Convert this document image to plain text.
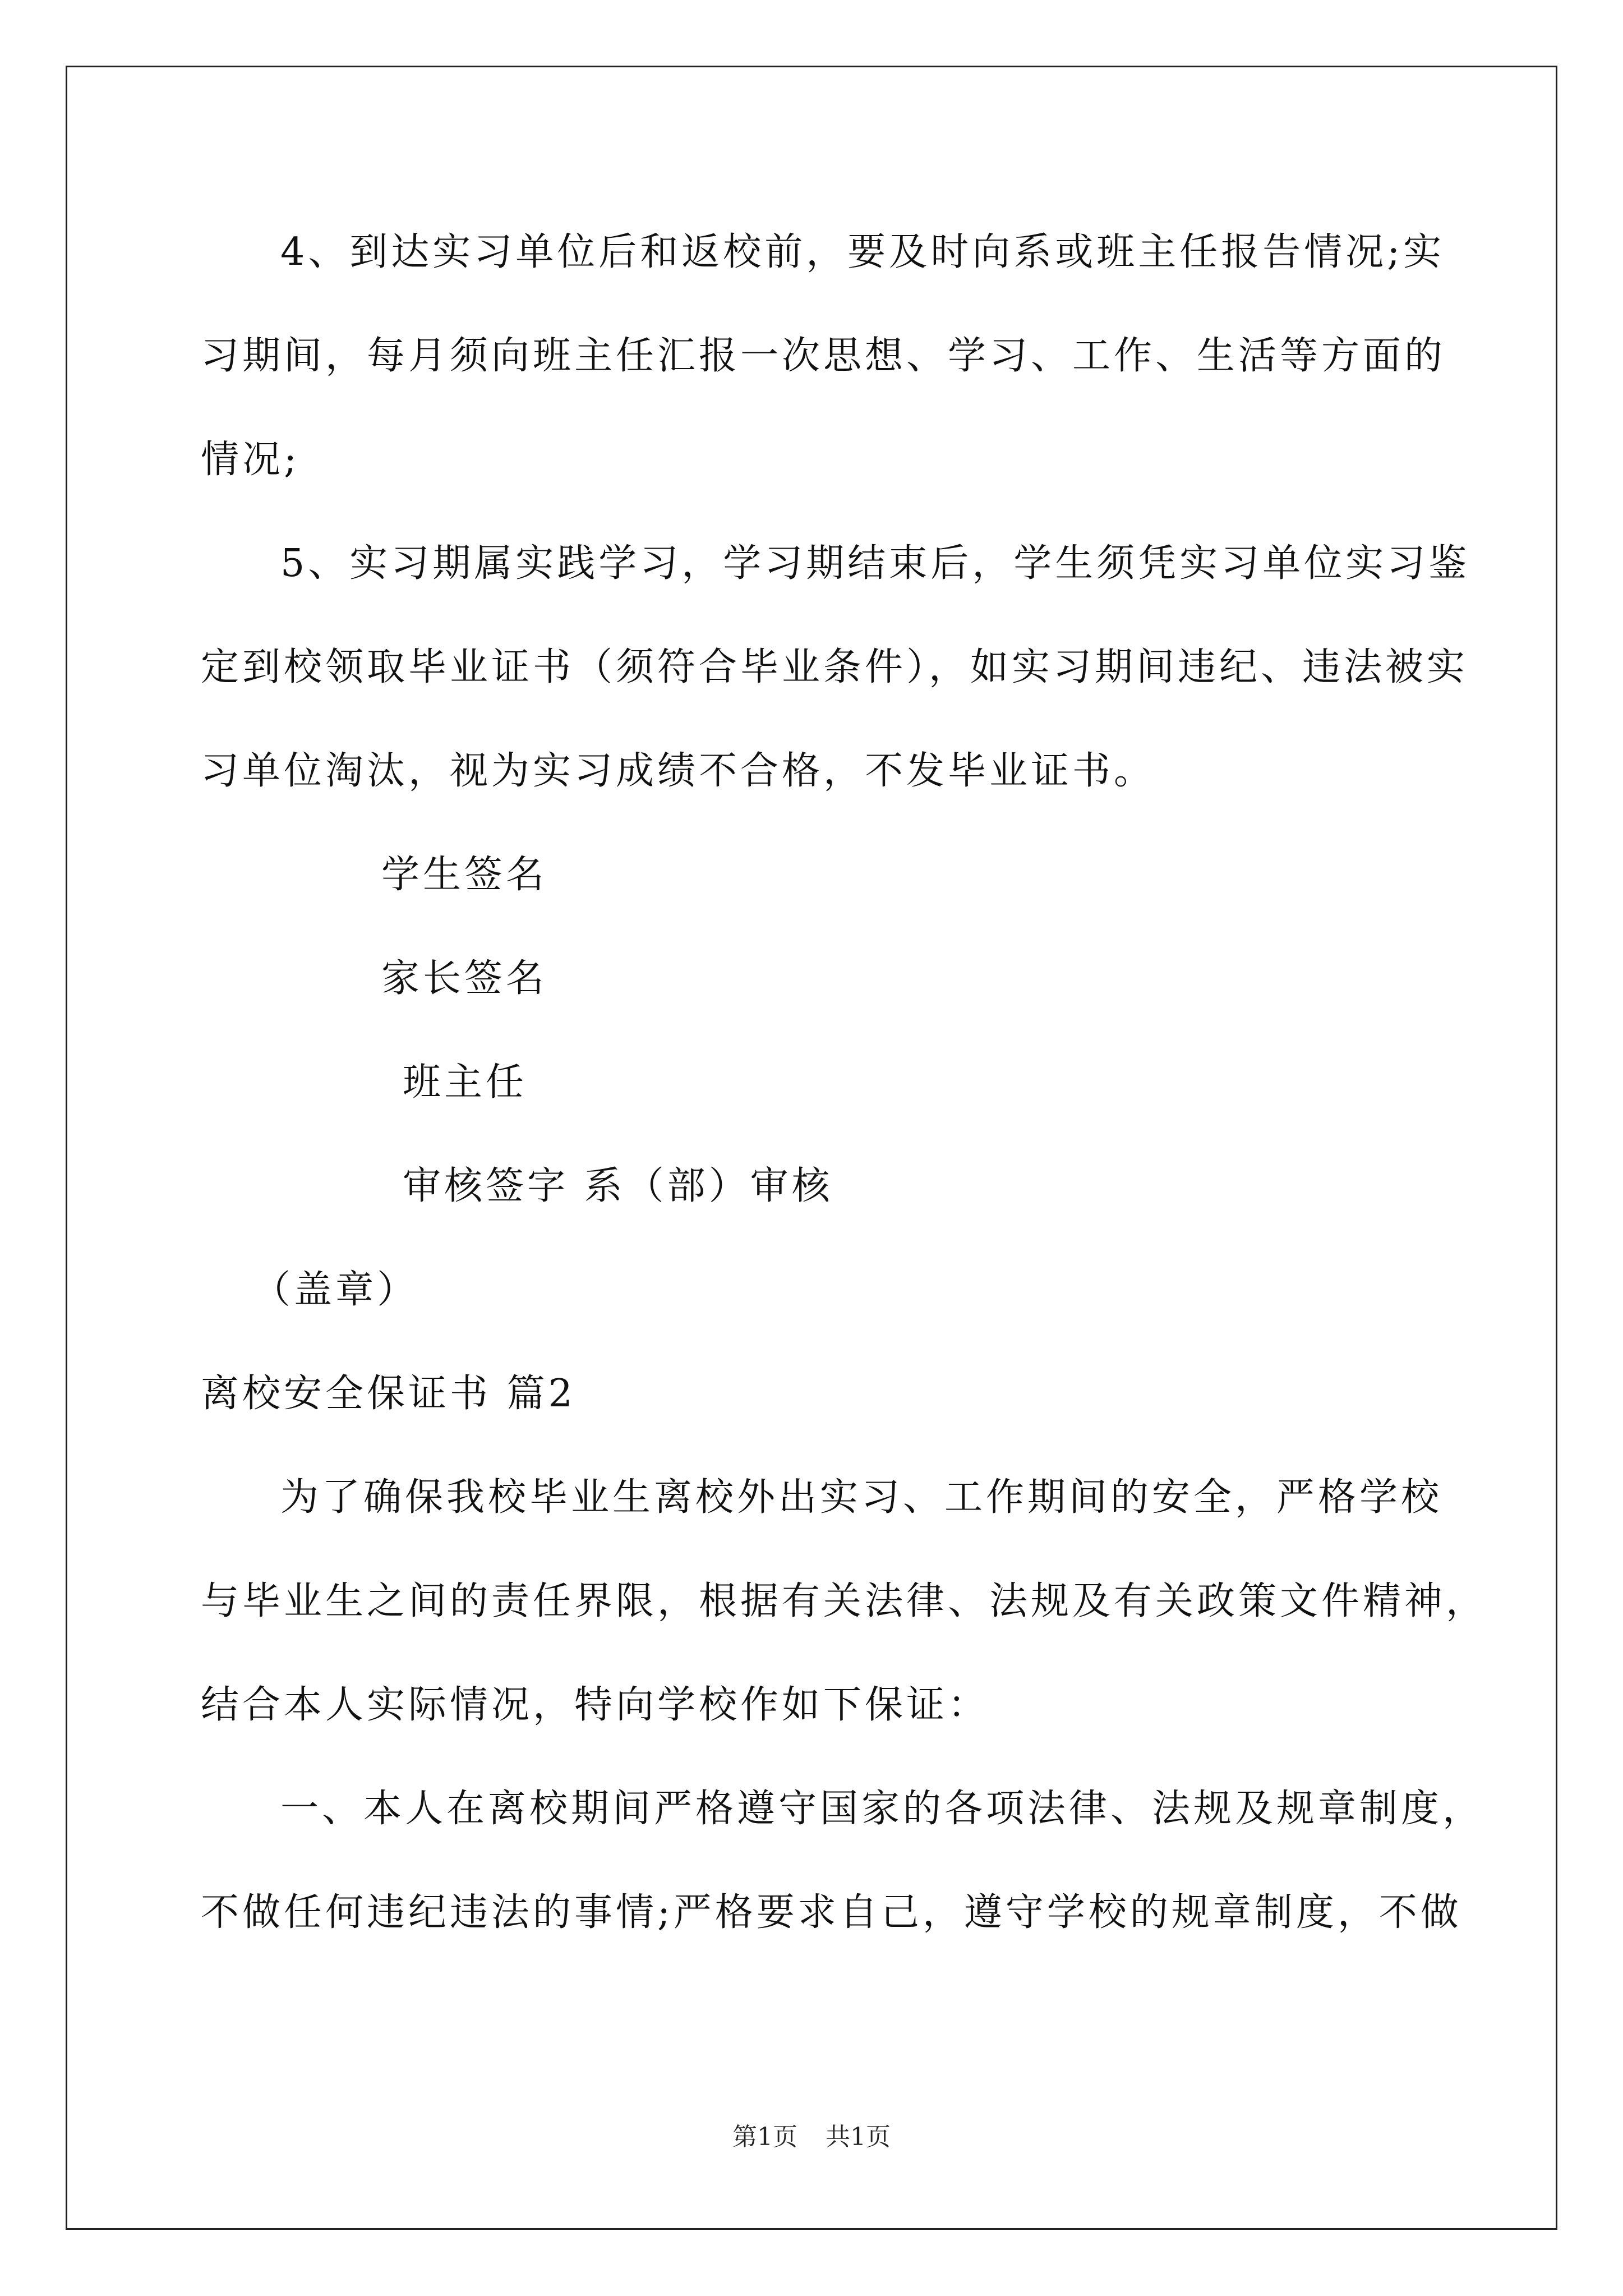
4、到达实习单位后和返校前，要及时向系或班主任报告情况;实
习期间，每月须向班主任汇报一次思想、学习、工作、生活等方面的
情况;
5、实习期属实践学习，学习期结束后，学生须凭实习单位实习鉴
定到校领取毕业证书（须符合毕业条件），如实习期间违纪、违法被实
习单位淘汰，视为实习成绩不合格，不发毕业证书。
学生签名
家长签名
班主任
审核签字 系（部）审核
（盖章）
离校安全保证书 篇2
为了确保我校毕业生离校外出实习、工作期间的安全，严格学校
与毕业生之间的责任界限，根据有关法律、法规及有关政策文件精神，
结合本人实际情况，特向学校作如下保证：
一、本人在离校期间严格遵守国家的各项法律、法规及规章制度，
不做任何违纪违法的事情;严格要求自己，遵守学校的规章制度，不做
第1页 共1页
